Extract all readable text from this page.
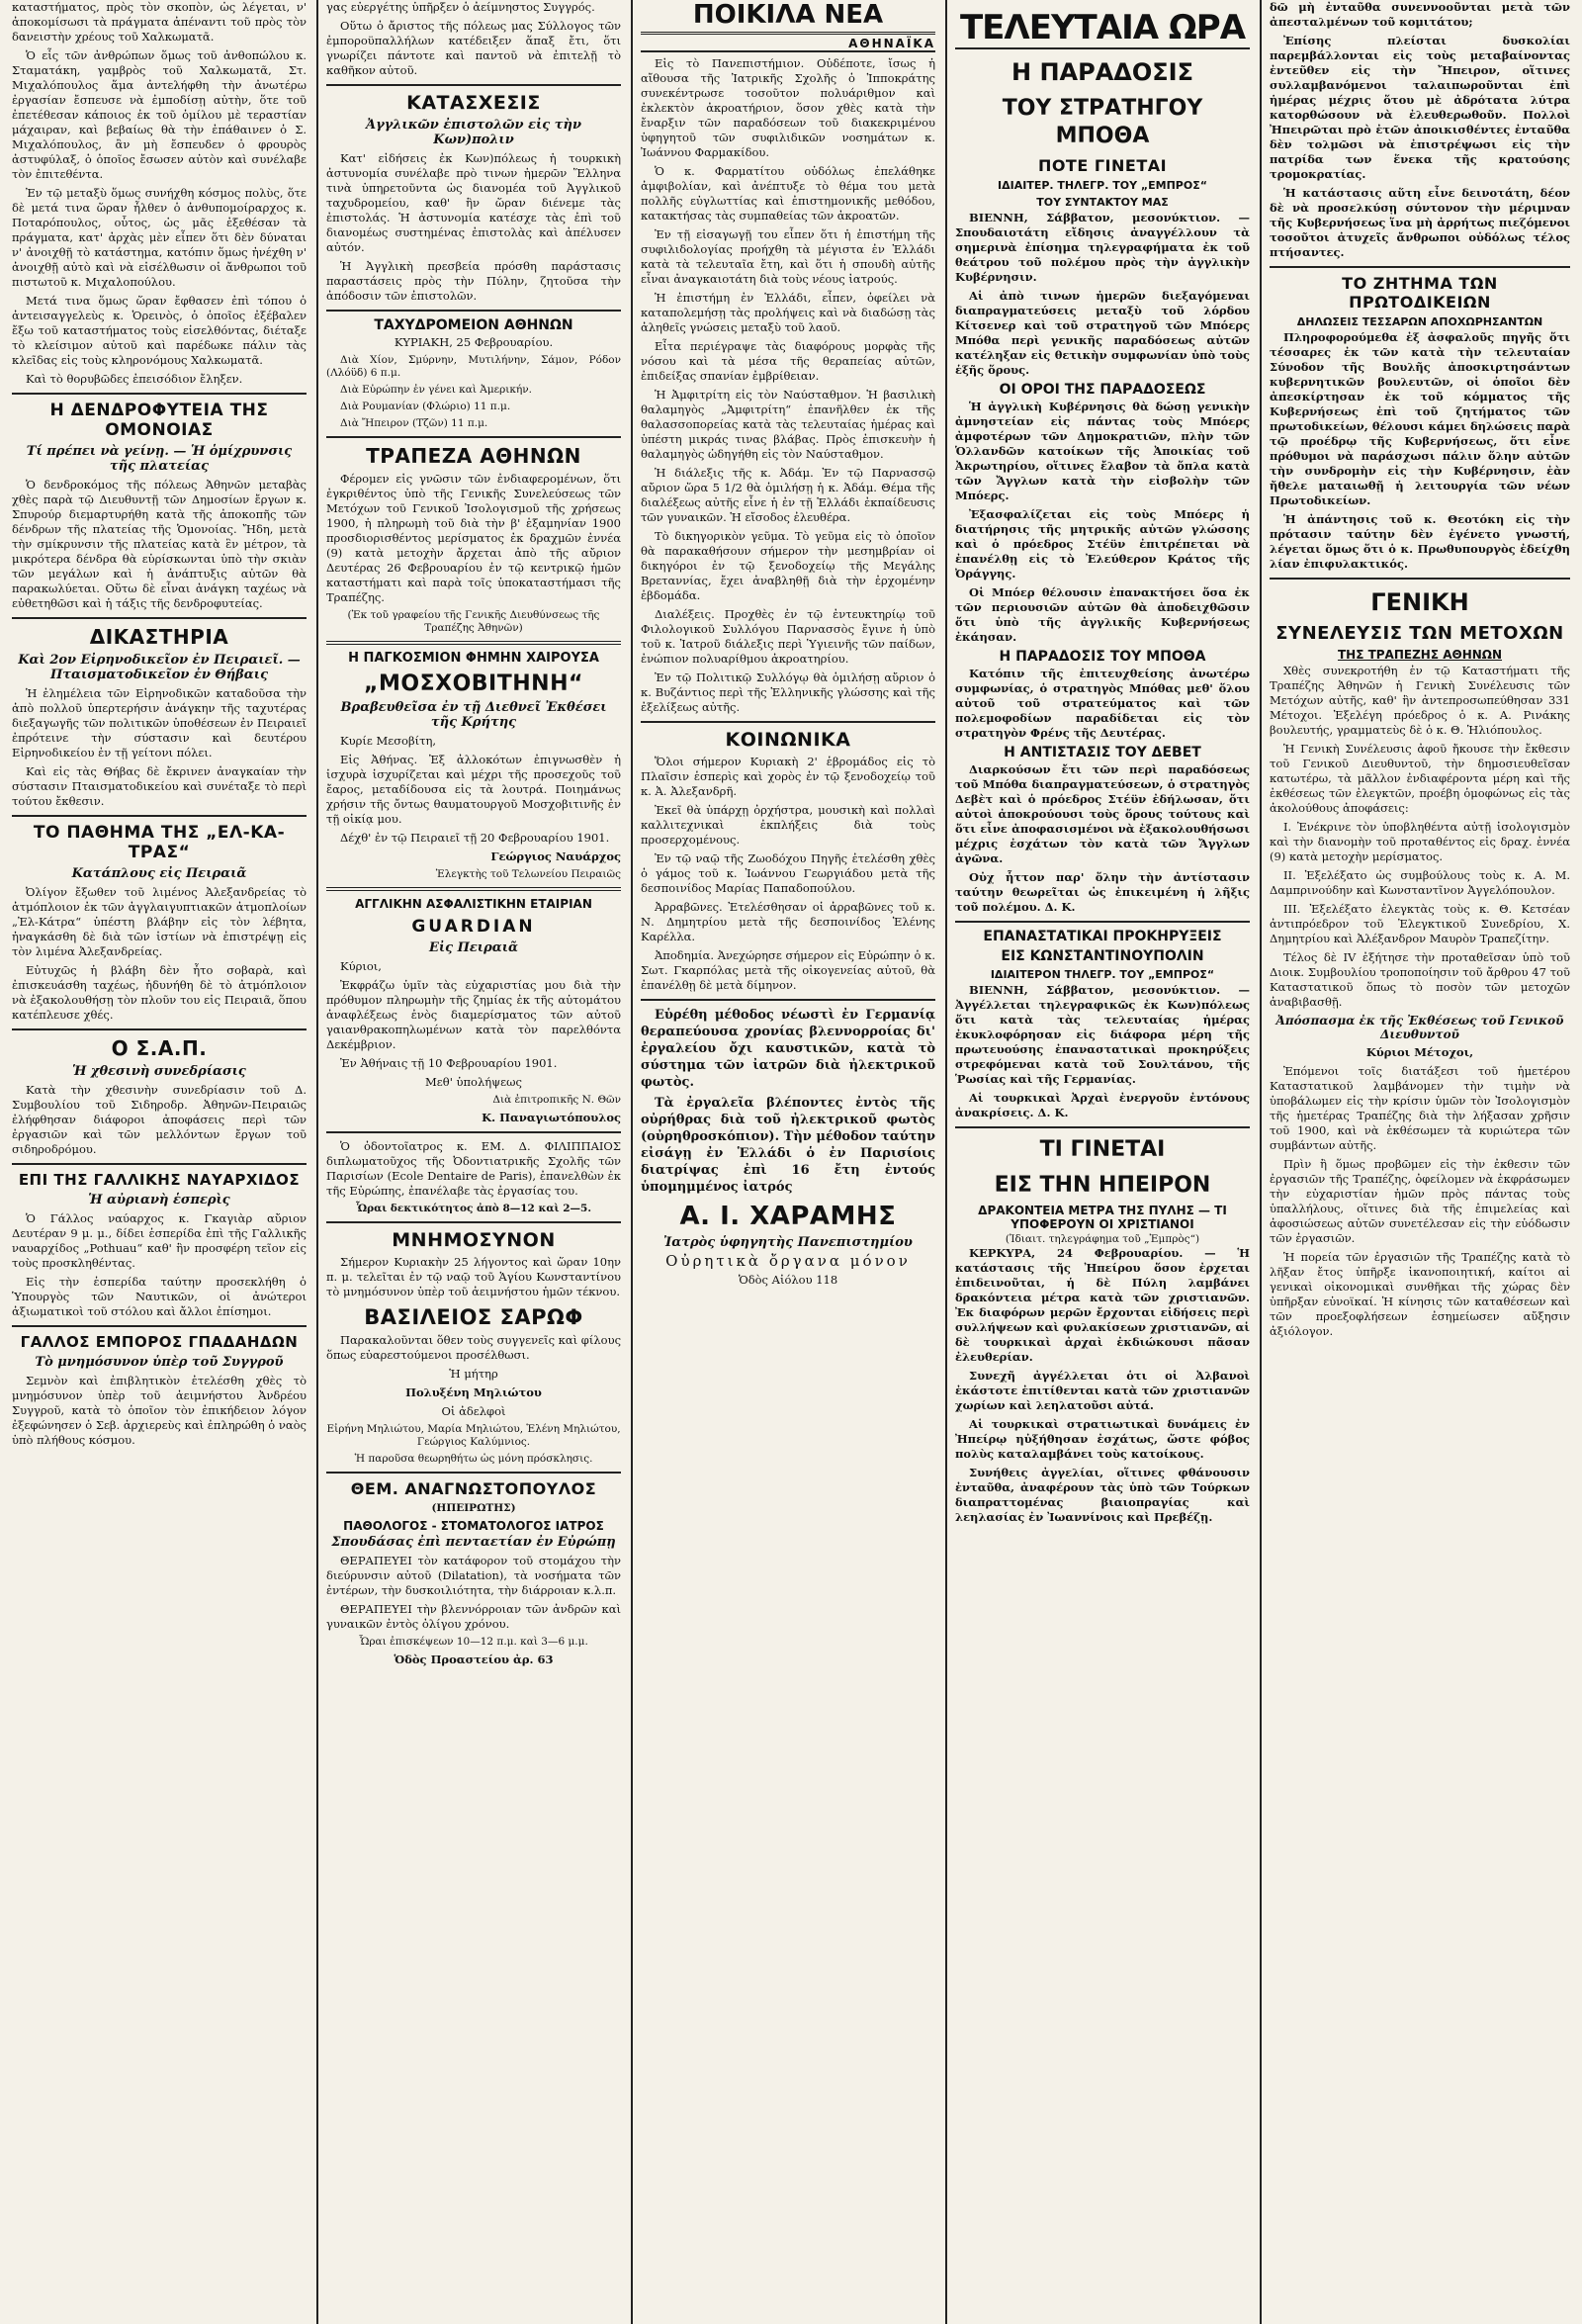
καταστήματος, πρὸς τὸν σκοπὸν, ὡς λέγεται, ν' ἀποκομίσωσι τὰ πράγματα ἀπέναντι τοῦ πρὸς τὸν δανειστὴν χρέους τοῦ Χαλκωματᾶ.

Ὁ εἷς τῶν ἀνθρώπων ὅμως τοῦ ἀνθοπώλου κ. Σταματάκη, γαμβρὸς τοῦ Χαλκωματᾶ, Στ. Μιχαλόπουλος ἅμα ἀντελήφθη τὴν ἀνωτέρω ἐργασίαν ἔσπευσε νὰ ἐμποδίσῃ αὐτὴν, ὅτε τοῦ ἐπετέθεσαν κάποιος ἐκ τοῦ ὁμίλου μὲ τεραστίαν μάχαιραν, καὶ βεβαίως θὰ τὴν ἐπάθαινεν ὁ Σ. Μιχαλόπουλος, ἂν μὴ ἔσπευδεν ὁ φρουρὸς ἀστυφύλαξ, ὁ ὁποῖος ἔσωσεν αὐτὸν καὶ συνέλαβε τὸν ἐπιτεθέντα.

Ἐν τῷ μεταξὺ ὅμως συνήχθη κόσμος πολὺς, ὅτε δὲ μετά τινα ὥραν ἦλθεν ὁ ἀνθυπομοίραρχος κ. Ποταρόπουλος, οὗτος, ὡς μᾶς ἐξεθέσαν τὰ πράγματα, κατ' ἀρχὰς μὲν εἶπεν ὅτι δὲν δύναται ν' ἀνοιχθῇ τὸ κατάστημα, κατόπιν ὅμως ἠνέχθη ν' ἀνοιχθῇ αὐτὸ καὶ νὰ εἰσέλθωσιν οἱ ἄνθρωποι τοῦ πιστωτοῦ κ. Μιχαλοπούλου.

Μετά τινα ὅμως ὥραν ἔφθασεν ἐπὶ τόπου ὁ ἀντεισαγγελεὺς κ. Ὁρεινὸς, ὁ ὁποῖος ἐξέβαλεν ἔξω τοῦ καταστήματος τοὺς εἰσελθόντας, διέταξε τὸ κλείσιμον αὐτοῦ καὶ παρέδωκε πάλιν τὰς κλεῖδας εἰς τοὺς κληρονόμους Χαλκωματᾶ.

Καὶ τὸ θορυβῶδες ἐπεισόδιον ἔληξεν.

Η ΔΕΝΔΡΟΦΥΤΕΙΑ ΤΗΣ ΟΜΟΝΟΙΑΣ
Τί πρέπει νὰ γείνῃ. — Ἡ ὁμίχρυνσις τῆς πλατείας

Ὁ δενδροκόμος τῆς πόλεως Ἀθηνῶν μεταβὰς χθὲς παρὰ τῷ Διευθυντῇ τῶν Δημοσίων ἔργων κ. Σπυρούρ διεμαρτυρήθη κατὰ τῆς ἀποκοπῆς τῶν δένδρων τῆς πλατείας τῆς Ὁμονοίας. Ἤδη, μετὰ τὴν σμίκρυνσιν τῆς πλατείας κατὰ ἓν μέτρον, τὰ μικρότερα δένδρα θὰ εὑρίσκωνται ὑπὸ τὴν σκιὰν τῶν μεγάλων καὶ ἡ ἀνάπτυξις αὐτῶν θὰ παρακωλύεται. Οὕτω δὲ εἶναι ἀνάγκη ταχέως νὰ εὐθετηθῶσι καὶ ἡ τάξις τῆς δενδροφυτείας.

ΔΙΚΑΣΤΗΡΙΑ
Καὶ 2ον Εἰρηνοδικεῖον ἐν Πειραιεῖ. — Πταισματοδικεῖον ἐν Θήβαις

Ἡ ἐλημέλεια τῶν Εἰρηνοδικῶν καταδοῦσα τὴν ἀπὸ πολλοῦ ὑπερτερήσιν ἀνάγκην τῆς ταχυτέρας διεξαγωγῆς τῶν πολιτικῶν ὑποθέσεων ἐν Πειραιεῖ ἐπρότεινε τὴν σύστασιν καὶ δευτέρου Εἰρηνοδικείου ἐν τῇ γείτονι πόλει.

Καὶ εἰς τὰς Θήβας δὲ ἔκρινεν ἀναγκαίαν τὴν σύστασιν Πταισματοδικείου καὶ συνέταξε τὸ περὶ τούτου ἔκθεσιν.

ΤΟ ΠΑΘΗΜΑ ΤΗΣ „ΕΛ-ΚΑ-ΤΡΑΣ“
Κατάπλους εἰς Πειραιᾶ

Ὀλίγον ἔξωθεν τοῦ λιμένος Ἀλεξανδρείας τὸ ἀτμόπλοιον ἐκ τῶν ἀγγλαιγυπτιακῶν ἀτμοπλοίων „Ἐλ-Κάτρα“ ὑπέστη βλάβην εἰς τὸν λέβητα, ἠναγκάσθη δὲ διὰ τῶν ἱστίων νὰ ἐπιστρέψῃ εἰς τὸν λιμένα Ἀλεξανδρείας.

Εὐτυχῶς ἡ βλάβη δὲν ἦτο σοβαρὰ, καὶ ἐπισκευάσθη ταχέως, ἠδυνήθη δὲ τὸ ἀτμόπλοιον νὰ ἐξακολουθήσῃ τὸν πλοῦν του εἰς Πειραιᾶ, ὅπου κατέπλευσε χθές.

Ο Σ.Α.Π.
Ἡ χθεσινὴ συνεδρίασις

Κατὰ τὴν χθεσινὴν συνεδρίασιν τοῦ Δ. Συμβουλίου τοῦ Σιδηροδρ. Ἀθηνῶν-Πειραιῶς ἐλήφθησαν διάφοροι ἀποφάσεις περὶ τῶν ἐργασιῶν καὶ τῶν μελλόντων ἔργων τοῦ σιδηροδρόμου.

ΕΠΙ ΤΗΣ ΓΑΛΛΙΚΗΣ ΝΑΥΑΡΧΙΔΟΣ
Ἡ αὐριανὴ ἑσπερὶς

Ὁ Γάλλος ναύαρχος κ. Γκαγιὰρ αὔριον Δευτέραν 9 μ. μ., δίδει ἑσπερίδα ἐπὶ τῆς Γαλλικῆς ναυαρχίδος „Pothuau“ καθ' ἣν προσφέρη τεῖον εἰς τοὺς προσκληθέντας.

Εἰς τὴν ἑσπερίδα ταύτην προσεκλήθη ὁ Ὑπουργὸς τῶν Ναυτικῶν, οἱ ἀνώτεροι ἀξιωματικοὶ τοῦ στόλου καὶ ἄλλοι ἐπίσημοι.

ΓΑΛΛΟΣ ΕΜΠΟΡΟΣ ΓΠΑΔΑΗΔΩΝ
Τὸ μνημόσυνον ὑπὲρ τοῦ Συγγροῦ

Σεμνὸν καὶ ἐπιβλητικὸν ἐτελέσθη χθὲς τὸ μνημόσυνον ὑπὲρ τοῦ ἀειμνήστου Ἀνδρέου Συγγροῦ, κατὰ τὸ ὁποῖον τὸν ἐπικήδειον λόγον ἐξεφώνησεν ὁ Σεβ. ἀρχιερεὺς καὶ ἐπληρώθη ὁ ναὸς ὑπὸ πλήθους κόσμου.

γας εὐεργέτης ὑπῆρξεν ὁ ἀείμνηστος Συγγρός.

Οὕτω ὁ ἄριστος τῆς πόλεως μας Σύλλογος τῶν ἐμποροϋπαλλήλων κατέδειξεν ἅπαξ ἔτι, ὅτι γνωρίζει πάντοτε καὶ παντοῦ νὰ ἐπιτελῇ τὸ καθῆκον αὐτοῦ.

ΚΑΤΑΣΧΕΣΙΣ
Ἀγγλικῶν ἐπιστολῶν εἰς τὴν Κων)πολιν

Κατ' εἰδήσεις ἐκ Κων)πόλεως ἡ τουρκικὴ ἀστυνομία συνέλαβε πρὸ τινων ἡμερῶν Ἕλληνα τινὰ ὑπηρετοῦντα ὡς διανομέα τοῦ Ἀγγλικοῦ ταχυδρομείου, καθ' ἣν ὥραν διένεμε τὰς ἐπιστολάς. Ἡ ἀστυνομία κατέσχε τὰς ἐπὶ τοῦ διανομέως συστημένας ἐπιστολὰς καὶ ἀπέλυσεν αὐτόν.

Ἡ Ἀγγλικὴ πρεσβεία πρόσθη παράστασις παραστάσεις πρὸς τὴν Πύλην, ζητοῦσα τὴν ἀπόδοσιν τῶν ἐπιστολῶν.

ΤΑΧΥΔΡΟΜΕΙΟΝ ΑΘΗΝΩΝ

ΚΥΡΙΑΚΗ, 25 Φεβρουαρίου.

Διὰ Χίον, Σμύρνην, Μυτιλήνην, Σάμον, Ρόδον (Λλόϋδ) 6 π.μ.

Διὰ Εὐρώπην ἐν γένει καὶ Ἀμερικήν.

Διὰ Ρουμανίαν (Φλώριο) 11 π.μ.

Διὰ Ἤπειρον (Τζῶν) 11 π.μ.

ΤΡΑΠΕΖΑ ΑΘΗΝΩΝ

Φέρομεν εἰς γνῶσιν τῶν ἐνδιαφερομένων, ὅτι ἐγκριθέντος ὑπὸ τῆς Γενικῆς Συνελεύσεως τῶν Μετόχων τοῦ Γενικοῦ Ἰσολογισμοῦ τῆς χρήσεως 1900, ἡ πληρωμὴ τοῦ διὰ τὴν β' ἑξαμηνίαν 1900 προσδιορισθέντος μερίσματος ἐκ δραχμῶν ἐννέα (9) κατὰ μετοχὴν ἄρχεται ἀπὸ τῆς αὔριον Δευτέρας 26 Φεβρουαρίου ἐν τῷ κεντρικῷ ἡμῶν καταστήματι καὶ παρὰ τοῖς ὑποκαταστήμασι τῆς Τραπέζης.

(Ἐκ τοῦ γραφείου τῆς Γενικῆς Διευθύνσεως τῆς Τραπέζης Ἀθηνῶν)

Η ΠΑΓΚΟΣΜΙΟΝ ΦΗΜΗΝ ΧΑΙΡΟΥΣΑ
„ΜΟΣΧΟΒΙΤΗΝΗ“
Βραβευθεῖσα ἐν τῇ Διεθνεῖ Ἐκθέσει τῆς Κρήτης

Κυρίε Μεσοβίτη,

Εἰς Ἀθήνας. Ἐξ ἀλλοκότων ἐπιγνωσθὲν ἡ ἰσχυρὰ ἰσχυρίζεται καὶ μέχρι τῆς προσεχοῦς τοῦ ἔαρος, μεταδίδουσα εἰς τὰ λουτρά. Ποιημάνως χρήσιν τῆς ὄντως θαυματουργοῦ Μοσχοβιτινῆς ἐν τῇ οἰκίᾳ μου.

Δέχθ' ἐν τῷ Πειραιεῖ τῇ 20 Φεβρουαρίου 1901.

Γεώργιος Ναυάρχος

Ἐλεγκτὴς τοῦ Τελωνείου Πειραιῶς

ΑΓΓΛΙΚΗΝ ΑΣΦΑΛΙΣΤΙΚΗΝ ΕΤΑΙΡΙΑΝ
GUARDIAN
Εἰς Πειραιᾶ

Κύριοι,

Ἐκφράζω ὑμῖν τὰς εὐχαριστίας μου διὰ τὴν πρόθυμον πληρωμὴν τῆς ζημίας ἐκ τῆς αὐτομάτου ἀναφλέξεως ἐνὸς διαμερίσματος τῶν αὐτοῦ γαιανθρακοπηλωμένων κατὰ τὸν παρελθόντα Δεκέμβριον.

Ἐν Ἀθήναις τῇ 10 Φεβρουαρίου 1901.

Μεθ' ὑπολήψεως

Διὰ ἐπιτροπικῆς Ν. Θῶν

Κ. Παναγιωτόπουλος

Ὁ ὀδοντοῖατρος κ. ΕΜ. Δ. ΦΙΛΙΠΠΑΙΟΣ διπλωματοῦχος τῆς Ὀδοντιατρικῆς Σχολῆς τῶν Παρισίων (Ecole Dentaire de Paris), ἐπανελθὼν ἐκ τῆς Εὐρώπης, ἐπανέλαβε τὰς ἐργασίας του.

Ὧραι δεκτικότητος ἀπὸ 8—12 καὶ 2—5.

ΜΝΗΜΟΣΥΝΟΝ

Σήμερον Κυριακὴν 25 λήγοντος καὶ ὥραν 10ην π. μ. τελεῖται ἐν τῷ ναῷ τοῦ Ἁγίου Κωνσταντίνου τὸ μνημόσυνον ὑπὲρ τοῦ ἀειμνήστου ἡμῶν τέκνου.

ΒΑΣΙΛΕΙΟΣ ΣΑΡΩΦ

Παρακαλοῦνται ὅθεν τοὺς συγγενεῖς καὶ φίλους ὅπως εὐαρεστούμενοι προσέλθωσι.

Ἡ μήτηρ

Πολυξένη Μηλιώτου

Οἱ ἀδελφοὶ

Εἰρήνη Μηλιώτου, Μαρία Μηλιώτου, Ἑλένη Μηλιώτου, Γεώργιος Καλύμνιος.

Ἡ παροῦσα θεωρηθήτω ὡς μόνη πρόσκλησις.

ΘΕΜ. ΑΝΑΓΝΩΣΤΟΠΟΥΛΟΣ
(ΗΠΕΙΡΩΤΗΣ)
ΠΑΘΟΛΟΓΟΣ - ΣΤΟΜΑΤΟΛΟΓΟΣ ΙΑΤΡΟΣ
Σπουδάσας ἐπὶ πενταετίαν ἐν Εὐρώπῃ

ΘΕΡΑΠΕΥΕΙ τὸν κατάφορον τοῦ στομάχου τὴν διεύρυνσιν αὐτοῦ (Dilatation), τὰ νοσήματα τῶν ἐντέρων, τὴν δυσκοιλιότητα, τὴν διάρροιαν κ.λ.π.

ΘΕΡΑΠΕΥΕΙ τὴν βλεννόρροιαν τῶν ἀνδρῶν καὶ γυναικῶν ἐντὸς ὀλίγου χρόνου.

Ὧραι ἐπισκέψεων 10—12 π.μ. καὶ 3—6 μ.μ.

Ὁδὸς Προαστείου ἀρ. 63

ΠΟΙΚΙΛΑ ΝΕΑ
ΑΘΗΝΑΪΚΑ

Εἰς τὸ Πανεπιστήμιον. Οὐδέποτε, ἴσως ἡ αἴθουσα τῆς Ἰατρικῆς Σχολῆς ὁ Ἱπποκράτης συνεκέντρωσε τοσοῦτον πολυάριθμον καὶ ἐκλεκτὸν ἀκροατήριον, ὅσον χθὲς κατὰ τὴν ἔναρξιν τῶν παραδόσεων τοῦ διακεκριμένου ὑφηγητοῦ τῶν συφιλιδικῶν νοσημάτων κ. Ἰωάννου Φαρμακίδου.

Ὁ κ. Φαρματίτου οὐδόλως ἐπελάθηκε ἀμφιβολίαν, καὶ ἀνέπτυξε τὸ θέμα του μετὰ πολλῆς εὐγλωττίας καὶ ἐπιστημονικῆς μεθόδου, κατακτήσας τὰς συμπαθείας τῶν ἀκροατῶν.

Ἐν τῇ εἰσαγωγῇ του εἶπεν ὅτι ἡ ἐπιστήμη τῆς συφιλιδολογίας προήχθη τὰ μέγιστα ἐν Ἑλλάδι κατὰ τὰ τελευταῖα ἔτη, καὶ ὅτι ἡ σπουδὴ αὐτῆς εἶναι ἀναγκαιοτάτη διὰ τοὺς νέους ἰατρούς.

Ἡ ἐπιστήμη ἐν Ἑλλάδι, εἶπεν, ὀφείλει νὰ καταπολεμήσῃ τὰς προλήψεις καὶ νὰ διαδώσῃ τὰς ἀληθεῖς γνώσεις μεταξὺ τοῦ λαοῦ.

Εἶτα περιέγραψε τὰς διαφόρους μορφὰς τῆς νόσου καὶ τὰ μέσα τῆς θεραπείας αὐτῶν, ἐπιδείξας σπανίαν ἐμβρίθειαν.

Ἡ Ἀμφιτρίτη εἰς τὸν Ναύσταθμον. Ἡ βασιλικὴ θαλαμηγὸς „Ἀμφιτρίτη“ ἐπανῆλθεν ἐκ τῆς θαλασσοπορείας κατὰ τὰς τελευταίας ἡμέρας καὶ ὑπέστη μικράς τινας βλάβας. Πρὸς ἐπισκευὴν ἡ θαλαμηγὸς ὡδηγήθη εἰς τὸν Ναύσταθμον.

Ἡ διάλεξις τῆς κ. Ἀδάμ. Ἐν τῷ Παρνασσῷ αὔριον ὥρα 5 1/2 θὰ ὁμιλήσῃ ἡ κ. Ἀδάμ. Θέμα τῆς διαλέξεως αὐτῆς εἶνε ἡ ἐν τῇ Ἑλλάδι ἐκπαίδευσις τῶν γυναικῶν. Ἡ εἴσοδος ἐλευθέρα.

Τὸ δικηγορικὸν γεῦμα. Τὸ γεῦμα εἰς τὸ ὁποῖον θὰ παρακαθήσουν σήμερον τὴν μεσημβρίαν οἱ δικηγόροι ἐν τῷ ξενοδοχείῳ τῆς Μεγάλης Βρεταννίας, ἔχει ἀναβληθῇ διὰ τὴν ἐρχομένην ἑβδομάδα.

Διαλέξεις. Προχθὲς ἐν τῷ ἐντευκτηρίῳ τοῦ Φιλολογικοῦ Συλλόγου Παρνασσὸς ἔγινε ἡ ὑπὸ τοῦ κ. Ἰατροῦ διάλεξις περὶ Ὑγιεινῆς τῶν παίδων, ἐνώπιον πολυαρίθμου ἀκροατηρίου.

Ἐν τῷ Πολιτικῷ Συλλόγῳ θὰ ὁμιλήσῃ αὔριον ὁ κ. Βυζάντιος περὶ τῆς Ἑλληνικῆς γλώσσης καὶ τῆς ἐξελίξεως αὐτῆς.

ΚΟΙΝΩΝΙΚΑ

Ὅλοι σήμερον Κυριακὴ 2' ἑβρομάδος εἰς τὸ Πλαῖσιν ἑσπερὶς καὶ χορὸς ἐν τῷ ξενοδοχείῳ τοῦ κ. Ἀ. Ἀλεξανδρῆ.

Ἐκεῖ θὰ ὑπάρχῃ ὀρχήστρα, μουσικὴ καὶ πολλαὶ καλλιτεχνικαὶ ἐκπλήξεις διὰ τοὺς προσερχομένους.

Ἐν τῷ ναῷ τῆς Ζωοδόχου Πηγῆς ἐτελέσθη χθὲς ὁ γάμος τοῦ κ. Ἰωάννου Γεωργιάδου μετὰ τῆς δεσποινίδος Μαρίας Παπαδοπούλου.

Ἀρραβῶνες. Ἐτελέσθησαν οἱ ἀρραβῶνες τοῦ κ. Ν. Δημητρίου μετὰ τῆς δεσποινίδος Ἑλένης Καρέλλα.

Ἀποδημία. Ἀνεχώρησε σήμερον εἰς Εὐρώπην ὁ κ. Σωτ. Γκαρπόλας μετὰ τῆς οἰκογενείας αὐτοῦ, θὰ ἐπανέλθῃ δὲ μετὰ δίμηνον.

Εὑρέθη μέθοδος νέωστὶ ἐν Γερμανίᾳ θεραπεύουσα χρονίας βλεννορροίας δι' ἐργαλείου ὄχι καυστικῶν, κατὰ τὸ σύστημα τῶν ἰατρῶν διὰ ἠλεκτρικοῦ φωτὸς.

Τὰ ἐργαλεῖα βλέποντες ἐντὸς τῆς οὐρήθρας διὰ τοῦ ἠλεκτρικοῦ φωτὸς (οὐρηθροσκόπιον). Τὴν μέθοδον ταύτην εἰσάγῃ ἐν Ἑλλάδι ὁ ἐν Παρισίοις διατρίψας ἐπὶ 16 ἔτη ἐντούς ὑπομημμένος ἰατρός

Α. Ι. ΧΑΡΑΜΗΣ
Ἰατρὸς ὑφηγητὴς Πανεπιστημίου

Οὐρητικὰ ὄργανα μόνον

Ὁδὸς Αἰόλου 118

ΤΕΛΕΥΤΑΙΑ ΩΡΑ
Η ΠΑΡΑΔΟΣΙΣ
ΤΟΥ ΣΤΡΑΤΗΓΟΥ ΜΠΟΘΑ
ΠΟΤΕ ΓΙΝΕΤΑΙ
ΙΔΙΑΙΤΕΡ. ΤΗΛΕΓΡ. ΤΟΥ „ΕΜΠΡΟΣ“
ΤΟΥ ΣΥΝΤΑΚΤΟΥ ΜΑΣ

ΒΙΕΝΝΗ, Σάββατον, μεσονύκτιον. — Σπουδαιοτάτη εἴδησις ἀναγγέλλουν τὰ σημερινὰ ἐπίσημα τηλεγραφήματα ἐκ τοῦ θεάτρου τοῦ πολέμου πρὸς τὴν ἀγγλικὴν Κυβέρνησιν.

Αἱ ἀπὸ τινων ἡμερῶν διεξαγόμεναι διαπραγματεύσεις μεταξὺ τοῦ λόρδου Κίτσενερ καὶ τοῦ στρατηγοῦ τῶν Μπόερς Μπόθα περὶ γενικῆς παραδόσεως αὐτῶν κατέληξαν εἰς θετικὴν συμφωνίαν ὑπὸ τοὺς ἑξῆς ὅρους.

ΟΙ ΟΡΟΙ ΤΗΣ ΠΑΡΑΔΟΣΕΩΣ

Ἡ ἀγγλικὴ Κυβέρνησις θὰ δώσῃ γενικὴν ἀμνηστείαν εἰς πάντας τοὺς Μπόερς ἀμφοτέρων τῶν Δημοκρατιῶν, πλὴν τῶν Ὁλλανδῶν κατοίκων τῆς Ἀποικίας τοῦ Ἀκρωτηρίου, οἵτινες ἔλαβον τὰ ὅπλα κατὰ τῶν Ἄγγλων κατὰ τὴν εἰσβολὴν τῶν Μπόερς.

Ἐξασφαλίζεται εἰς τοὺς Μπόερς ἡ διατήρησις τῆς μητρικῆς αὐτῶν γλώσσης καὶ ὁ πρόεδρος Στέϋν ἐπιτρέπεται νὰ ἐπανέλθῃ εἰς τὸ Ἐλεύθερον Κράτος τῆς Ὀράγγης.

Οἱ Μπόερ θέλουσιν ἐπανακτήσει ὅσα ἐκ τῶν περιουσιῶν αὐτῶν θὰ ἀποδειχθῶσιν ὅτι ὑπὸ τῆς ἀγγλικῆς Κυβερνήσεως ἐκάησαν.

Η ΠΑΡΑΔΟΣΙΣ ΤΟΥ ΜΠΟΘΑ

Κατόπιν τῆς ἐπιτευχθείσης ἀνωτέρω συμφωνίας, ὁ στρατηγὸς Μπόθας μεθ' ὅλου αὐτοῦ τοῦ στρατεύματος καὶ τῶν πολεμοφοδίων παραδίδεται εἰς τὸν στρατηγὸν Φρένς τῆς Δευτέρας.

Η ΑΝΤΙΣΤΑΣΙΣ ΤΟΥ ΔΕΒΕΤ

Διαρκούσων ἔτι τῶν περὶ παραδόσεως τοῦ Μπόθα διαπραγματεύσεων, ὁ στρατηγὸς Δεβὲτ καὶ ὁ πρόεδρος Στέϋν ἐδήλωσαν, ὅτι αὐτοὶ ἀποκρούουσι τοὺς ὅρους τούτους καὶ ὅτι εἶνε ἀποφασισμένοι νὰ ἐξακολουθήσωσι μέχρις ἐσχάτων τὸν κατὰ τῶν Ἄγγλων ἀγῶνα.

Οὐχ ἧττον παρ' ὅλην τὴν ἀντίστασιν ταύτην θεωρεῖται ὡς ἐπικειμένη ἡ λῆξις τοῦ πολέμου. Δ. Κ.

ΕΠΑΝΑΣΤΑΤΙΚΑΙ ΠΡΟΚΗΡΥΞΕΙΣ
ΕΙΣ ΚΩΝΣΤΑΝΤΙΝΟΥΠΟΛΙΝ
ΙΔΙΑΙΤΕΡΟΝ ΤΗΛΕΓΡ. ΤΟΥ „ΕΜΠΡΟΣ“

ΒΙΕΝΝΗ, Σάββατον, μεσονύκτιον. — Ἀγγέλλεται τηλεγραφικῶς ἐκ Κων)πόλεως ὅτι κατὰ τὰς τελευταίας ἡμέρας ἐκυκλοφόρησαν εἰς διάφορα μέρη τῆς πρωτευούσης ἐπαναστατικαὶ προκηρύξεις στρεφόμεναι κατὰ τοῦ Σουλτάνου, τῆς Ῥωσίας καὶ τῆς Γερμανίας.

Αἱ τουρκικαὶ Ἀρχαὶ ἐνεργοῦν ἐντόνους ἀνακρίσεις. Δ. Κ.

ΤΙ ΓΙΝΕΤΑΙ
ΕΙΣ ΤΗΝ ΗΠΕΙΡΟΝ
ΔΡΑΚΟΝΤΕΙΑ ΜΕΤΡΑ ΤΗΣ ΠΥΛΗΣ — ΤΙ ΥΠΟΦΕΡΟΥΝ ΟΙ ΧΡΙΣΤΙΑΝΟΙ
(Ἰδιαιτ. τηλεγράφημα τοῦ „Ἐμπρὸς“)

ΚΕΡΚΥΡΑ, 24 Φεβρουαρίου. — Ἡ κατάστασις τῆς Ἠπείρου ὅσον ἐρχεται ἐπιδεινοῦται, ἡ δὲ Πύλη λαμβάνει δρακόντεια μέτρα κατὰ τῶν χριστιανῶν. Ἐκ διαφόρων μερῶν ἔρχονται εἰδήσεις περὶ συλλήψεων καὶ φυλακίσεων χριστιανῶν, αἱ δὲ τουρκικαὶ ἀρχαὶ ἐκδιώκουσι πᾶσαν ἐλευθερίαν.

Συνεχῆ ἀγγέλλεται ὁτι οἱ Ἀλβανοὶ ἐκάστοτε ἐπιτίθενται κατὰ τῶν χριστιανῶν χωρίων καὶ λεηλατοῦσι αὐτά.

Αἱ τουρκικαὶ στρατιωτικαὶ δυνάμεις ἐν Ἠπείρῳ ηὐξήθησαν ἐσχάτως, ὥστε φόβος πολὺς καταλαμβάνει τοὺς κατοίκους.

Συνήθεις ἀγγελίαι, οἵτινες φθάνουσιν ἐνταῦθα, ἀναφέρουν τὰς ὑπὸ τῶν Τούρκων διαπραττομένας βιαιοπραγίας καὶ λεηλασίας ἐν Ἰωαννίνοις καὶ Πρεβέζῃ.

δῶ μὴ ἐνταῦθα συνεννοοῦνται μετὰ τῶν ἀπεσταλμένων τοῦ κομιτάτου;

Ἐπίσης πλείσται δυσκολίαι παρεμβάλλονται εἰς τοὺς μεταβαίνοντας ἐντεῦθεν εἰς τὴν Ἤπειρον, οἵτινες συλλαμβανόμενοι ταλαιπωροῦνται ἐπὶ ἡμέρας μέχρις ὅτου μὲ ἀδρότατα λύτρα κατορθώσουν νὰ ἐλευθερωθοῦν. Πολλοὶ Ἠπειρῶται πρὸ ἐτῶν ἀποικισθέντες ἐνταῦθα δὲν τολμῶσι νὰ ἐπιστρέψωσι εἰς τὴν πατρίδα των ἕνεκα τῆς κρατούσης τρομοκρατίας.

Ἡ κατάστασις αὕτη εἶνε δεινοτάτη, δέον δὲ νὰ προσελκύσῃ σύντονον τὴν μέριμναν τῆς Κυβερνήσεως ἵνα μὴ ἀρρήτως πιεζόμενοι τοσοῦτοι ἀτυχεῖς ἄνθρωποι οὐδόλως τέλος πτήσαντες.

ΤΟ ΖΗΤΗΜΑ ΤΩΝ ΠΡΩΤΟΔΙΚΕΙΩΝ
ΔΗΛΩΣΕΙΣ ΤΕΣΣΑΡΩΝ ΑΠΟΧΩΡΗΣΑΝΤΩΝ

Πληροφορούμεθα ἐξ ἀσφαλοῦς πηγῆς ὅτι τέσσαρες ἐκ τῶν κατὰ τὴν τελευταίαν Σύνοδον τῆς Βουλῆς ἀποσκιρτησάντων κυβερνητικῶν βουλευτῶν, οἱ ὁποῖοι δὲν ἀπεσκίρτησαν ἐκ τοῦ κόμματος τῆς Κυβερνήσεως ἐπὶ τοῦ ζητήματος τῶν πρωτοδικείων, θέλουσι κάμει δηλώσεις παρὰ τῷ προέδρῳ τῆς Κυβερνήσεως, ὅτι εἶνε πρόθυμοι νὰ παράσχωσι πάλιν ὅλην αὐτῶν τὴν συνδρομὴν εἰς τὴν Κυβέρνησιν, ἐὰν ἤθελε ματαιωθῇ ἡ λειτουργία τῶν νέων Πρωτοδικείων.

Ἡ ἀπάντησις τοῦ κ. Θεοτόκη εἰς τὴν πρότασιν ταύτην δὲν ἐγένετο γνωστή, λέγεται ὅμως ὅτι ὁ κ. Πρωθυπουργὸς ἐδείχθη λίαν ἐπιφυλακτικός.

ΓΕΝΙΚΗ
ΣΥΝΕΛΕΥΣΙΣ ΤΩΝ ΜΕΤΟΧΩΝ
ΤΗΣ ΤΡΑΠΕΖΗΣ ΑΘΗΝΩΝ

Χθὲς συνεκροτήθη ἐν τῷ Καταστήματι τῆς Τραπέζης Ἀθηνῶν ἡ Γενικὴ Συνέλευσις τῶν Μετόχων αὐτῆς, καθ' ἣν ἀντεπροσωπεύθησαν 331 Μέτοχοι. Ἐξελέγη πρόεδρος ὁ κ. Α. Ρινάκης βουλευτής, γραμματεὺς δὲ ὁ κ. Θ. Ἡλιόπουλος.

Ἡ Γενικὴ Συνέλευσις ἀφοῦ ἤκουσε τὴν ἔκθεσιν τοῦ Γενικοῦ Διευθυντοῦ, τὴν δημοσιευθεῖσαν κατωτέρω, τὰ μᾶλλον ἐνδιαφέροντα μέρη καὶ τῆς ἐκθέσεως τῶν ἐλεγκτῶν, προέβη ὁμοφώνως εἰς τὰς ἀκολούθους ἀποφάσεις:

Ι. Ἐνέκρινε τὸν ὑποβληθέντα αὐτῇ ἰσολογισμὸν καὶ τὴν διανομὴν τοῦ προταθέντος εἰς δραχ. ἐννέα (9) κατὰ μετοχὴν μερίσματος.

ΙΙ. Ἐξελέξατο ὡς συμβούλους τοὺς κ. Α. Μ. Δαμπρινούδην καὶ Κωνσταντῖνον Ἀγγελόπουλον.

ΙΙΙ. Ἐξελέξατο ἐλεγκτὰς τοὺς κ. Θ. Κετσέαν ἀντιπρόεδρον τοῦ Ἐλεγκτικοῦ Συνεδρίου, Χ. Δημητρίου καὶ Ἀλέξανδρον Μαυρὸν Τραπεζίτην.

Τέλος δὲ IV ἐξήτησε τὴν προταθεῖσαν ὑπὸ τοῦ Διοικ. Συμβουλίου τροποποίησιν τοῦ ἄρθρου 47 τοῦ Καταστατικοῦ ὅπως τὸ ποσὸν τῶν μετοχῶν ἀναβιβασθῇ.

Ἀπόσπασμα ἐκ τῆς Ἐκθέσεως τοῦ Γενικοῦ Διευθυντοῦ

Κύριοι Μέτοχοι,

Ἐπόμενοι τοῖς διατάξεσι τοῦ ἡμετέρου Καταστατικοῦ λαμβάνομεν τὴν τιμὴν νὰ ὑποβάλωμεν εἰς τὴν κρίσιν ὑμῶν τὸν Ἰσολογισμὸν τῆς ἡμετέρας Τραπέζης διὰ τὴν λήξασαν χρῆσιν τοῦ 1900, καὶ νὰ ἐκθέσωμεν τὰ κυριώτερα τῶν συμβάντων αὐτῆς.

Πρὶν ἢ ὅμως προβῶμεν εἰς τὴν ἐκθεσιν τῶν ἐργασιῶν τῆς Τραπέζης, ὀφείλομεν νὰ ἐκφράσωμεν τὴν εὐχαριστίαν ἡμῶν πρὸς πάντας τοὺς ὑπαλλήλους, οἵτινες διὰ τῆς ἐπιμελείας καὶ ἀφοσιώσεως αὐτῶν συνετέλεσαν εἰς τὴν εὐόδωσιν τῶν ἐργασιῶν.

Ἡ πορεία τῶν ἐργασιῶν τῆς Τραπέζης κατὰ τὸ λῆξαν ἔτος ὑπῆρξε ἱκανοποιητική, καίτοι αἱ γενικαὶ οἰκονομικαὶ συνθῆκαι τῆς χώρας δὲν ὑπῆρξαν εὐνοϊκαί. Ἡ κίνησις τῶν καταθέσεων καὶ τῶν προεξοφλήσεων ἐσημείωσεν αὔξησιν ἀξιόλογον.
